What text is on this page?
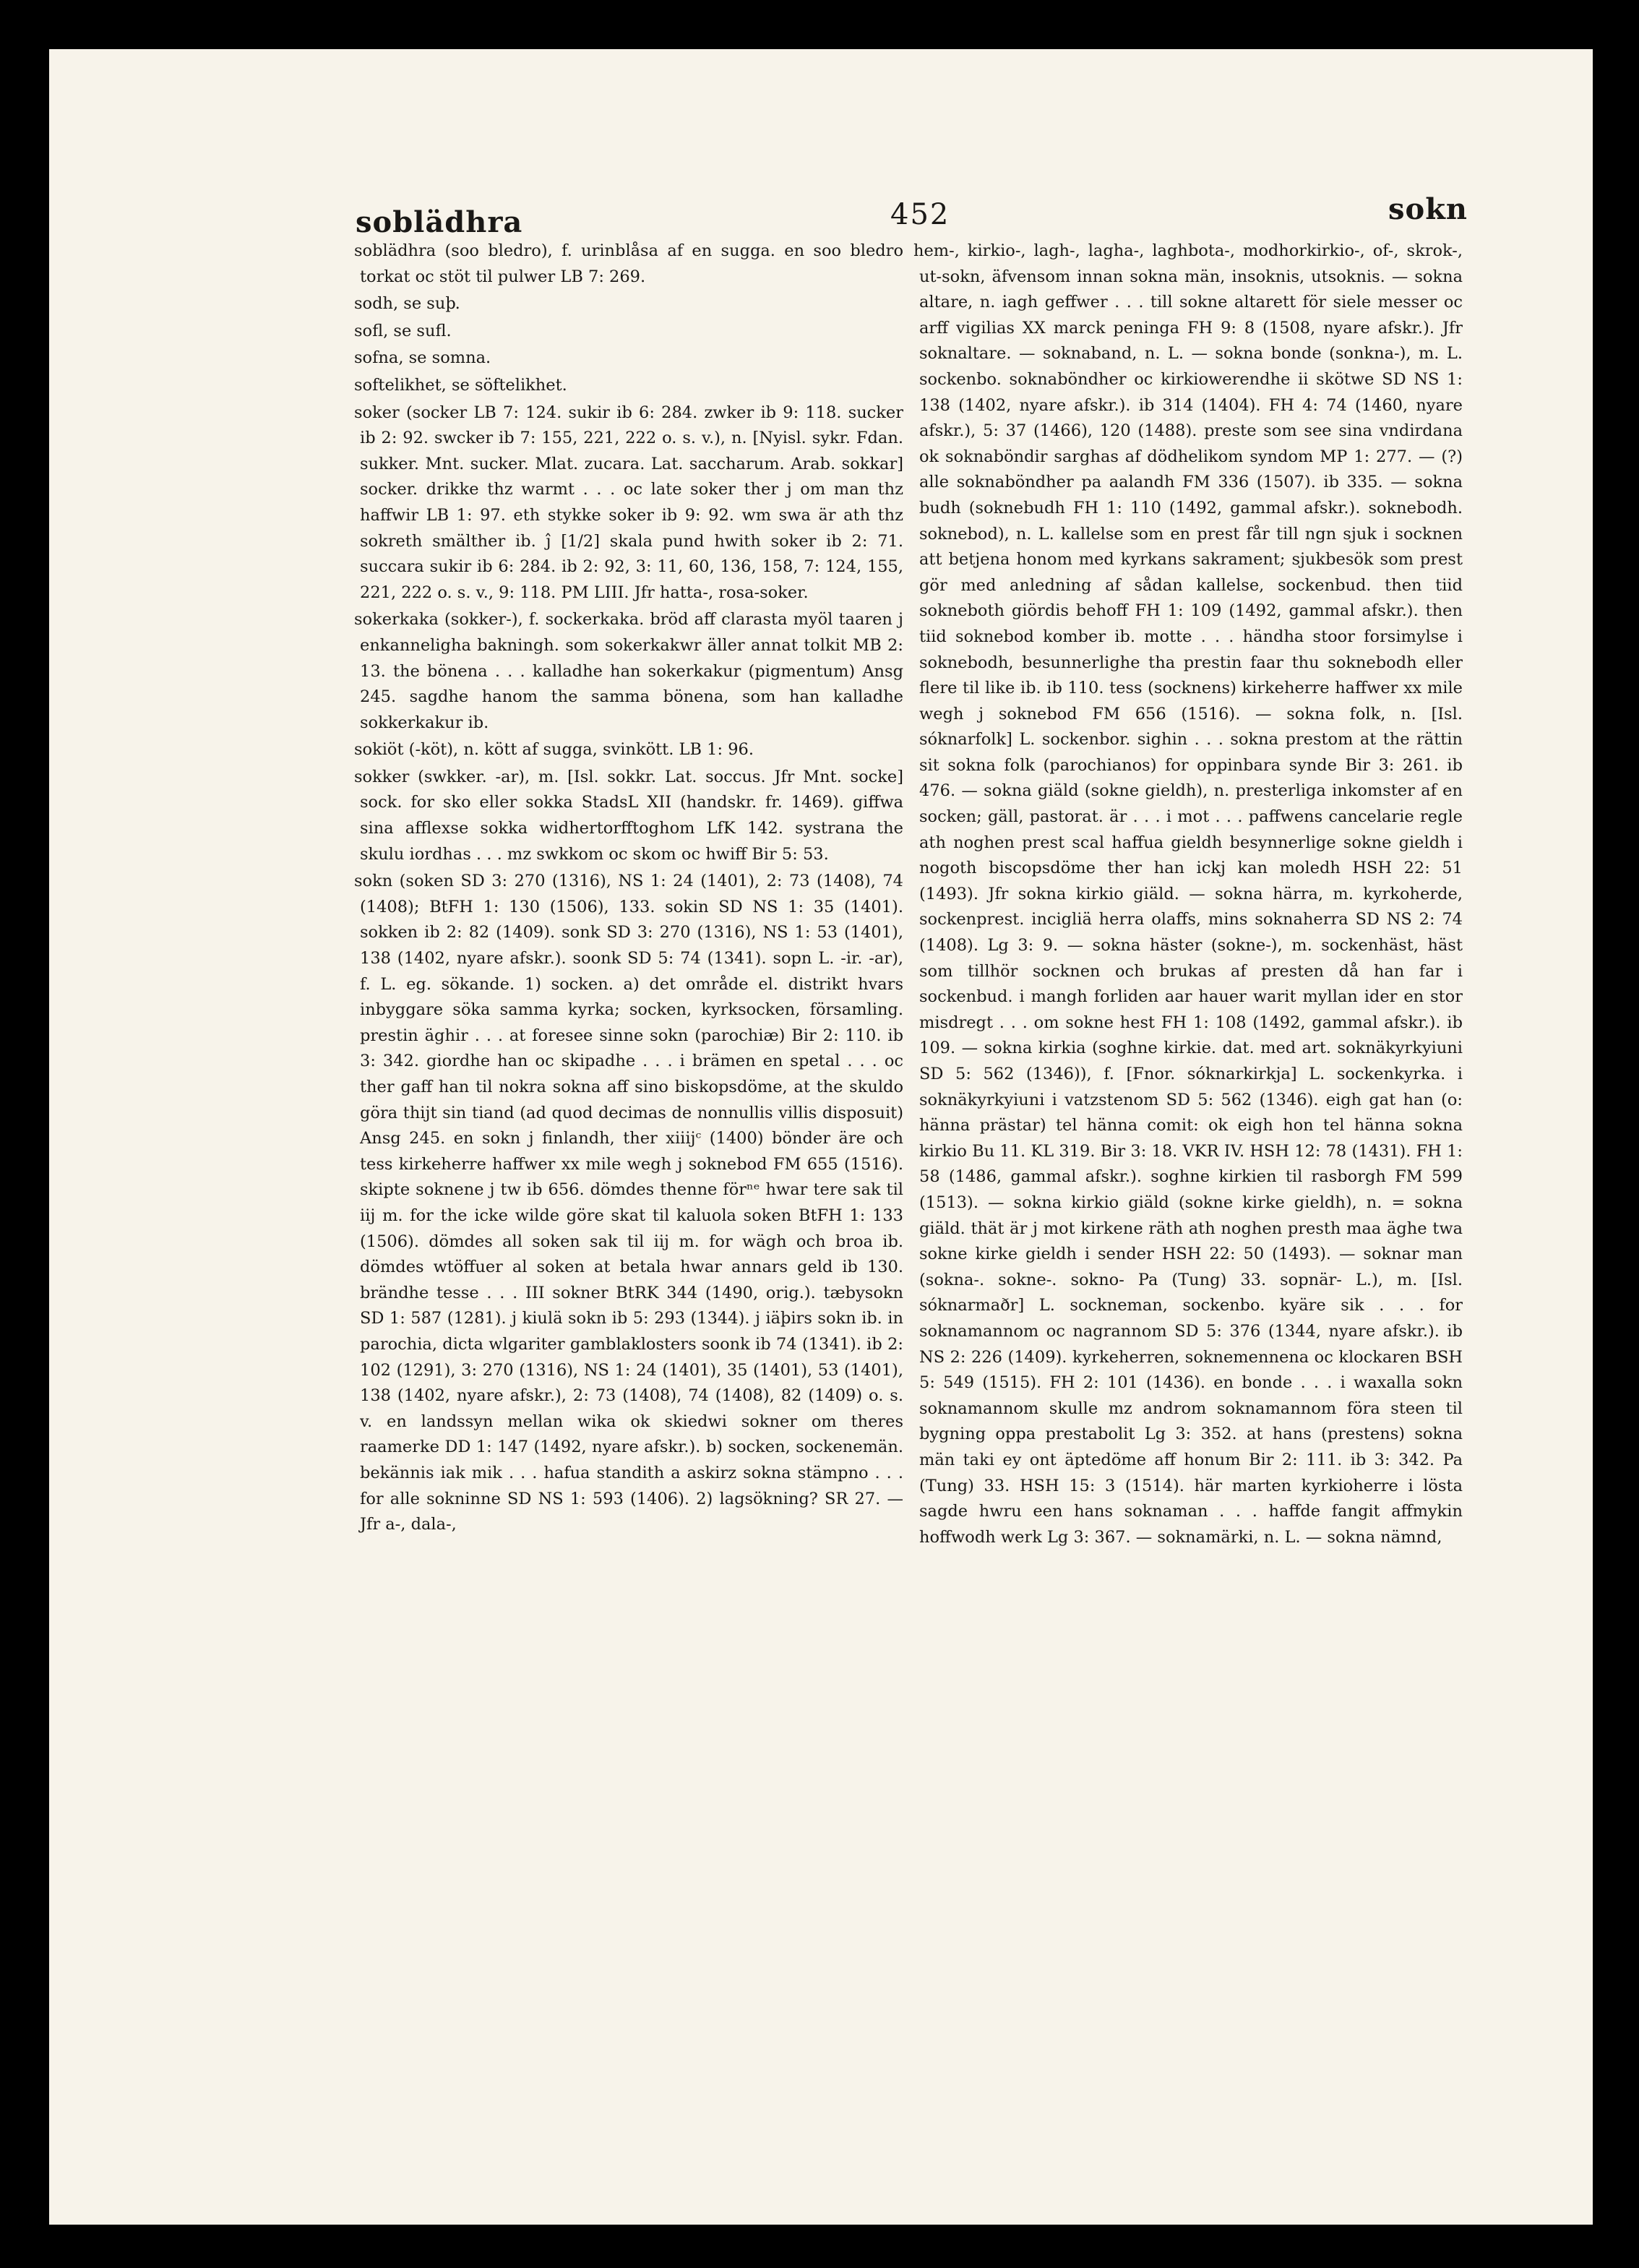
soblädhra	452	sokn

soblädhra (soo bledro), f. urinblåsa af en sugga. en soo bledro torkat oc stöt til pulwer LB 7: 269.

sodh, se suþ.

sofl, se sufl.

sofna, se somna.

softelikhet, se söftelikhet.

soker (socker LB 7: 124. sukir ib 6: 284. zwker ib 9: 118. sucker ib 2: 92. swcker ib 7: 155, 221, 222 o. s. v.), n. [Nyisl. sykr. Fdan. sukker. Mnt. sucker. Mlat. zucara. Lat. saccharum. Arab. sokkar] socker. drikke thz warmt . . . oc late soker ther j om man thz haffwir LB 1: 97. eth stykke soker ib 9: 92. wm swa är ath thz sokreth smälther ib. ĵ [1/2] skala pund hwith soker ib 2: 71. succara sukir ib 6: 284. ib 2: 92, 3: 11, 60, 136, 158, 7: 124, 155, 221, 222 o. s. v., 9: 118. PM LIII. Jfr hatta-, rosa-soker.

sokerkaka (sokker-), f. sockerkaka. bröd aff clarasta myöl taaren j enkanneligha bakningh. som sokerkakwr äller annat tolkit MB 2: 13. the bönena . . . kalladhe han sokerkakur (pigmentum) Ansg 245. sagdhe hanom the samma bönena, som han kalladhe sokkerkakur ib.

sokiöt (-köt), n. kött af sugga, svinkött. LB 1: 96.

sokker (swkker. -ar), m. [Isl. sokkr. Lat. soccus. Jfr Mnt. socke] sock. for sko eller sokka StadsL XII (handskr. fr. 1469). giffwa sina afflexse sokka widhertorfftoghom LfK 142. systrana the skulu iordhas . . . mz swkkom oc skom oc hwiff Bir 5: 53.

sokn (soken SD 3: 270 (1316), NS 1: 24 (1401), 2: 73 (1408), 74 (1408); BtFH 1: 130 (1506), 133. sokin SD NS 1: 35 (1401). sokken ib 2: 82 (1409). sonk SD 3: 270 (1316), NS 1: 53 (1401), 138 (1402, nyare afskr.). soonk SD 5: 74 (1341). sopn L. -ir. -ar), f. L. eg. sökande. 1) socken. a) det område el. distrikt hvars inbyggare söka samma kyrka; socken, kyrksocken, församling. prestin äghir . . . at foresee sinne sokn (parochiæ) Bir 2: 110. ib 3: 342. giordhe han oc skipadhe . . . i brämen en spetal . . . oc ther gaff han til nokra sokna aff sino biskopsdöme, at the skuldo göra thijt sin tiand (ad quod decimas de nonnullis villis disposuit) Ansg 245. en sokn j finlandh, ther xiiijᶜ (1400) bönder äre och tess kirkeherre haffwer xx mile wegh j soknebod FM 655 (1516). skipte soknene j tw ib 656. dömdes thenne förⁿᵉ hwar tere sak til iij m. for the icke wilde göre skat til kaluola soken BtFH 1: 133 (1506). dömdes all soken sak til iij m. for wägh och broa ib. dömdes wtöffuer al soken at betala hwar annars geld ib 130. brändhe tesse . . . III sokner BtRK 344 (1490, orig.). tæbysokn SD 1: 587 (1281). j kiulä sokn ib 5: 293 (1344). j iäþirs sokn ib. in parochia, dicta wlgariter gamblaklosters soonk ib 74 (1341). ib 2: 102 (1291), 3: 270 (1316), NS 1: 24 (1401), 35 (1401), 53 (1401), 138 (1402, nyare afskr.), 2: 73 (1408), 74 (1408), 82 (1409) o. s. v. en landssyn mellan wika ok skiedwi sokner om theres raamerke DD 1: 147 (1492, nyare afskr.). b) socken, sockenemän. bekännis iak mik . . . hafua standith a askirz sokna stämpno . . . for alle sokninne SD NS 1: 593 (1406). 2) lagsökning? SR 27. — Jfr a-, dala-,

hem-, kirkio-, lagh-, lagha-, laghbota-, modhorkirkio-, of-, skrok-, ut-sokn, äfvensom innan sokna män, insoknis, utsoknis. — sokna altare, n. iagh geffwer . . . till sokne altarett för siele messer oc arff vigilias XX marck peninga FH 9: 8 (1508, nyare afskr.). Jfr soknaltare. — soknaband, n. L. — sokna bonde (sonkna-), m. L. sockenbo. soknaböndher oc kirkiowerendhe ii skötwe SD NS 1: 138 (1402, nyare afskr.). ib 314 (1404). FH 4: 74 (1460, nyare afskr.), 5: 37 (1466), 120 (1488). preste som see sina vndirdana ok soknaböndir sarghas af dödhelikom syndom MP 1: 277. — (?) alle soknaböndher pa aalandh FM 336 (1507). ib 335. — sokna budh (soknebudh FH 1: 110 (1492, gammal afskr.). soknebodh. soknebod), n. L. kallelse som en prest får till ngn sjuk i socknen att betjena honom med kyrkans sakrament; sjukbesök som prest gör med anledning af sådan kallelse, sockenbud. then tiid sokneboth giördis behoff FH 1: 109 (1492, gammal afskr.). then tiid soknebod komber ib. motte . . . händha stoor forsimylse i soknebodh, besunnerlighe tha prestin faar thu soknebodh eller flere til like ib. ib 110. tess (socknens) kirkeherre haffwer xx mile wegh j soknebod FM 656 (1516). — sokna folk, n. [Isl. sóknarfolk] L. sockenbor. sighin . . . sokna prestom at the rättin sit sokna folk (parochianos) for oppinbara synde Bir 3: 261. ib 476. — sokna giäld (sokne gieldh), n. presterliga inkomster af en socken; gäll, pastorat. är . . . i mot . . . paffwens cancelarie regle ath noghen prest scal haffua gieldh besynnerlige sokne gieldh i nogoth biscopsdöme ther han ickj kan moledh HSH 22: 51 (1493). Jfr sokna kirkio giäld. — sokna härra, m. kyrkoherde, sockenprest. incigliä herra olaffs, mins soknaherra SD NS 2: 74 (1408). Lg 3: 9. — sokna häster (sokne-), m. sockenhäst, häst som tillhör socknen och brukas af presten då han far i sockenbud. i mangh forliden aar hauer warit myllan ider en stor misdregt . . . om sokne hest FH 1: 108 (1492, gammal afskr.). ib 109. — sokna kirkia (soghne kirkie. dat. med art. soknäkyrkyiuni SD 5: 562 (1346)), f. [Fnor. sóknarkirkja] L. sockenkyrka. i soknäkyrkyiuni i vatzstenom SD 5: 562 (1346). eigh gat han (o: hänna prästar) tel hänna comit: ok eigh hon tel hänna sokna kirkio Bu 11. KL 319. Bir 3: 18. VKR IV. HSH 12: 78 (1431). FH 1: 58 (1486, gammal afskr.). soghne kirkien til rasborgh FM 599 (1513). — sokna kirkio giäld (sokne kirke gieldh), n. = sokna giäld. thät är j mot kirkene räth ath noghen presth maa äghe twa sokne kirke gieldh i sender HSH 22: 50 (1493). — soknar man (sokna-. sokne-. sokno- Pa (Tung) 33. sopnär- L.), m. [Isl. sóknarmaðr] L. sockneman, sockenbo. kyäre sik . . . for soknamannom oc nagrannom SD 5: 376 (1344, nyare afskr.). ib NS 2: 226 (1409). kyrkeherren, soknemennena oc klockaren BSH 5: 549 (1515). FH 2: 101 (1436). en bonde . . . i waxalla sokn soknamannom skulle mz androm soknamannom föra steen til bygning oppa prestabolit Lg 3: 352. at hans (prestens) sokna män taki ey ont äptedöme aff honum Bir 2: 111. ib 3: 342. Pa (Tung) 33. HSH 15: 3 (1514). här marten kyrkioherre i lösta sagde hwru een hans soknaman . . . haffde fangit affmykin hoffwodh werk Lg 3: 367. — soknamärki, n. L. — sokna nämnd,
